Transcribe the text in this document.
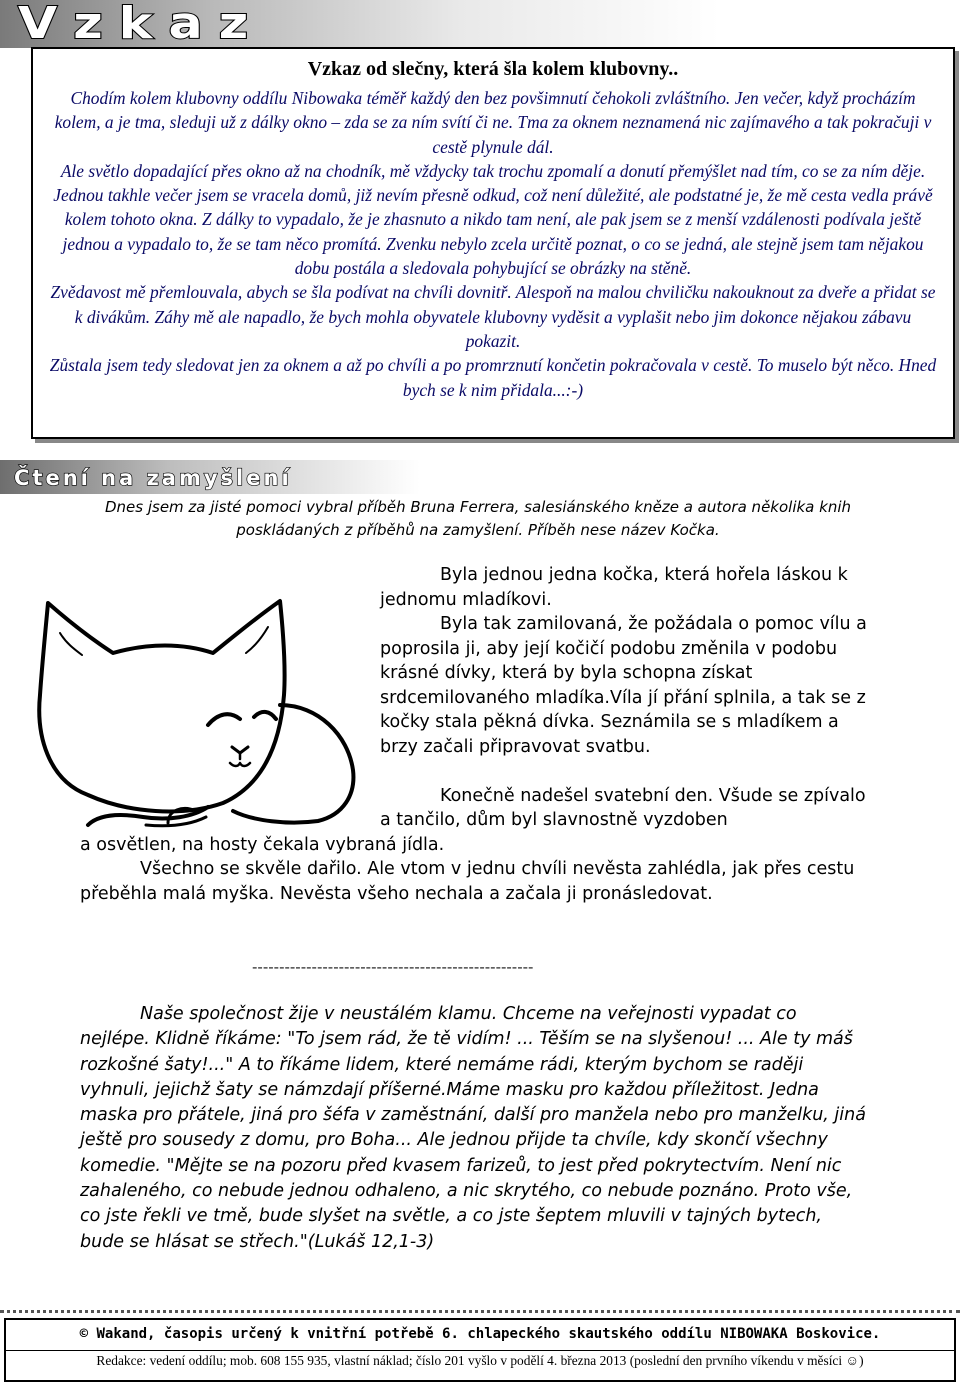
Vzkaz
Vzkaz od slečny, která šla kolem klubovny..

Chodím kolem klubovny oddílu Nibowaka téměř každý den bez povšimnutí čehokoli zvláštního. Jen večer, když procházím kolem, a je tma, sleduji už z dálky okno – zda se za ním svítí či ne. Tma za oknem neznamená nic zajímavého a tak pokračuji v cestě plynule dál.

Ale světlo dopadající přes okno až na chodník, mě vždycky tak trochu zpomalí a donutí přemýšlet nad tím, co se za ním děje. Jednou takhle večer jsem se vracela domů, již nevím přesně odkud, což není důležité, ale podstatné je, že mě cesta vedla právě kolem tohoto okna. Z dálky to vypadalo, že je zhasnuto a nikdo tam není, ale pak jsem se z menší vzdálenosti podívala ještě jednou a vypadalo to, že se tam něco promítá. Zvenku nebylo zcela určitě poznat, o co se jedná, ale stejně jsem tam nějakou dobu postála a sledovala pohybující se obrázky na stěně.

Zvědavost mě přemlouvala, abych se šla podívat na chvíli dovnitř. Alespoň na malou chviličku nakouknout za dveře a přidat se k divákům. Záhy mě ale napadlo, že bych mohla obyvatele klubovny vyděsit a vyplašit nebo jim dokonce nějakou zábavu pokazit.

Zůstala jsem tedy sledovat jen za oknem a až po chvíli a po promrznutí končetin pokračovala v cestě. To muselo být něco. Hned bych se k nim přidala...:-)

Čtení na zamyšlení
Dnes jsem za jisté pomoci vybral příběh Bruna Ferrera, salesiánského kněze a autora několika knih poskládaných z příběhů na zamyšlení. Příběh nese název Kočka.

Byla jednou jedna kočka, která hořela láskou k jednomu mladíkovi.

Byla tak zamilovaná, že požádala o pomoc vílu a poprosila ji, aby její kočičí podobu změnila v podobu krásné dívky, která by byla schopna získat srdcemilovaného mladíka.Víla jí přání splnila, a tak se z kočky stala pěkná dívka. Seznámila se s mladíkem a brzy začali připravovat svatbu.

Konečně nadešel svatební den. Všude se zpívalo a tančilo, dům byl slavnostně vyzdoben

a osvětlen, na hosty čekala vybraná jídla.

Všechno se skvěle dařilo. Ale vtom v jednu chvíli nevěsta zahlédla, jak přes cestu přeběhla malá myška. Nevěsta všeho nechala a začala ji pronásledovat.

----------------------------------------------------
Naše společnost žije v neustálém klamu. Chceme na veřejnosti vypadat co nejlépe. Klidně říkáme: "To jsem rád, že tě vidím! ... Těším se na slyšenou! ... Ale ty máš rozkošné šaty!..." A to říkáme lidem, které nemáme rádi, kterým bychom se raději vyhnuli, jejichž šaty se námzdají příšerné.Máme masku pro každou příležitost. Jedna maska pro přátele, jiná pro šéfa v zaměstnání, další pro manžela nebo pro manželku, jiná ještě pro sousedy z domu, pro Boha... Ale jednou přijde ta chvíle, kdy skončí všechny komedie. "Mějte se na pozoru před kvasem farizeů, to jest před pokrytectvím. Není nic zahaleného, co nebude jednou odhaleno, a nic skrytého, co nebude poznáno. Proto vše, co jste řekli ve tmě, bude slyšet na světle, a co jste šeptem mluvili v tajných bytech, bude se hlásat se střech."(Lukáš 12,1-3)
© Wakand, časopis určený k vnitřní potřebě 6. chlapeckého skautského oddílu NIBOWAKA Boskovice.
Redakce: vedení oddílu; mob. 608 155 935, vlastní náklad; číslo 201 vyšlo v podělí 4. března 2013 (poslední den prvního víkendu v měsíci ☺)
